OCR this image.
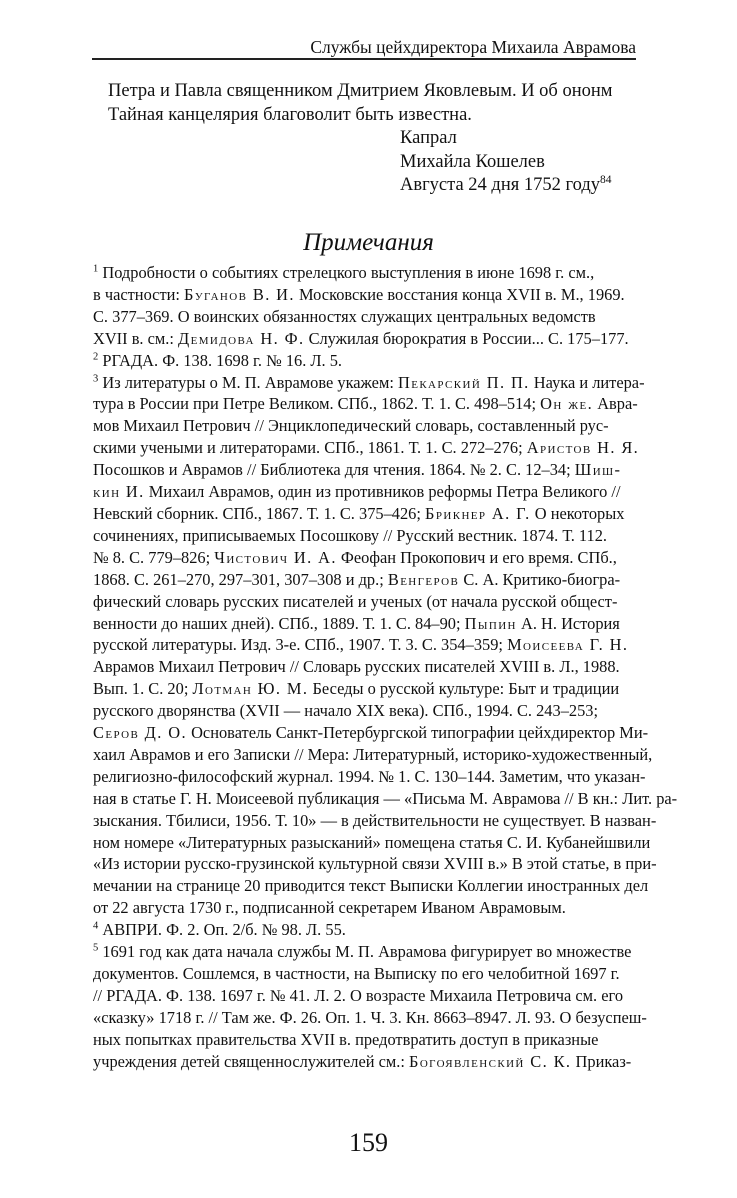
Службы цейхдиректора Михаила Аврамова

Петра и Павла священником Дмитрием Яковлевым. И об ононм

Тайная канцелярия благоволит быть известна.

Капрал

Михайла Кошелев

Августа 24 дня 1752 году$^{84}$

Примечания

$^1$ Подробности о событиях стрелецкого выступления в июне 1698 г. см.,

в частности: Буганов В. И. Московские восстания конца XVII в. М., 1969.

С. 377–369. О воинских обязанностях служащих центральных ведомств

XVII в. см.: Демидова Н. Ф. Служилая бюрократия в России... С. 175–177.

$^2$ РГАДА. Ф. 138. 1698 г. № 16. Л. 5.

$^3$ Из литературы о М. П. Аврамове укажем: Пекарский П. П. Наука и литера-

тура в России при Петре Великом. СПб., 1862. Т. 1. С. 498–514; Он же. Авра-

мов Михаил Петрович // Энциклопедический словарь, составленный рус-

скими учеными и литераторами. СПб., 1861. Т. 1. С. 272–276; Аристов Н. Я.

Посошков и Аврамов // Библиотека для чтения. 1864. № 2. С. 12–34; Шиш-

кин И. Михаил Аврамов, один из противников реформы Петра Великого //

Невский сборник. СПб., 1867. Т. 1. С. 375–426; Брикнер А. Г. О некоторых

сочинениях, приписываемых Посошкову // Русский вестник. 1874. Т. 112.

№ 8. С. 779–826; Чистович И. А. Феофан Прокопович и его время. СПб.,

1868. С. 261–270, 297–301, 307–308 и др.; Венгеров С. А. Критико-биогра-

фический словарь русских писателей и ученых (от начала русской общест-

венности до наших дней). СПб., 1889. Т. 1. С. 84–90; Пыпин А. Н. История

русской литературы. Изд. 3-е. СПб., 1907. Т. 3. С. 354–359; Моисеева Г. Н.

Аврамов Михаил Петрович // Словарь русских писателей XVIII в. Л., 1988.

Вып. 1. С. 20; Лотман Ю. М. Беседы о русской культуре: Быт и традиции

русского дворянства (XVII — начало XIX века). СПб., 1994. С. 243–253;

Серов Д. О. Основатель Санкт-Петербургской типографии цейхдиректор Ми-

хаил Аврамов и его Записки // Мера: Литературный, историко-художественный,

религиозно-философский журнал. 1994. № 1. С. 130–144. Заметим, что указан-

ная в статье Г. Н. Моисеевой публикация — «Письма М. Аврамова // В кн.: Лит. ра-

зыскания. Тбилиси, 1956. Т. 10» — в действительности не существует. В назван-

ном номере «Литературных разысканий» помещена статья С. И. Кубанейшвили

«Из истории русско-грузинской культурной связи XVIII в.» В этой статье, в при-

мечании на странице 20 приводится текст Выписки Коллегии иностранных дел

от 22 августа 1730 г., подписанной секретарем Иваном Аврамовым.

$^4$ АВПРИ. Ф. 2. Оп. 2/б. № 98. Л. 55.

$^5$ 1691 год как дата начала службы М. П. Аврамова фигурирует во множестве

документов. Сошлемся, в частности, на Выписку по его челобитной 1697 г.

// РГАДА. Ф. 138. 1697 г. № 41. Л. 2. О возрасте Михаила Петровича см. его

«сказку» 1718 г. // Там же. Ф. 26. Оп. 1. Ч. 3. Кн. 8663–8947. Л. 93. О безуспеш-

ных попытках правительства XVII в. предотвратить доступ в приказные

учреждения детей священнослужителей см.: Богоявленский С. К. Приказ-

159
